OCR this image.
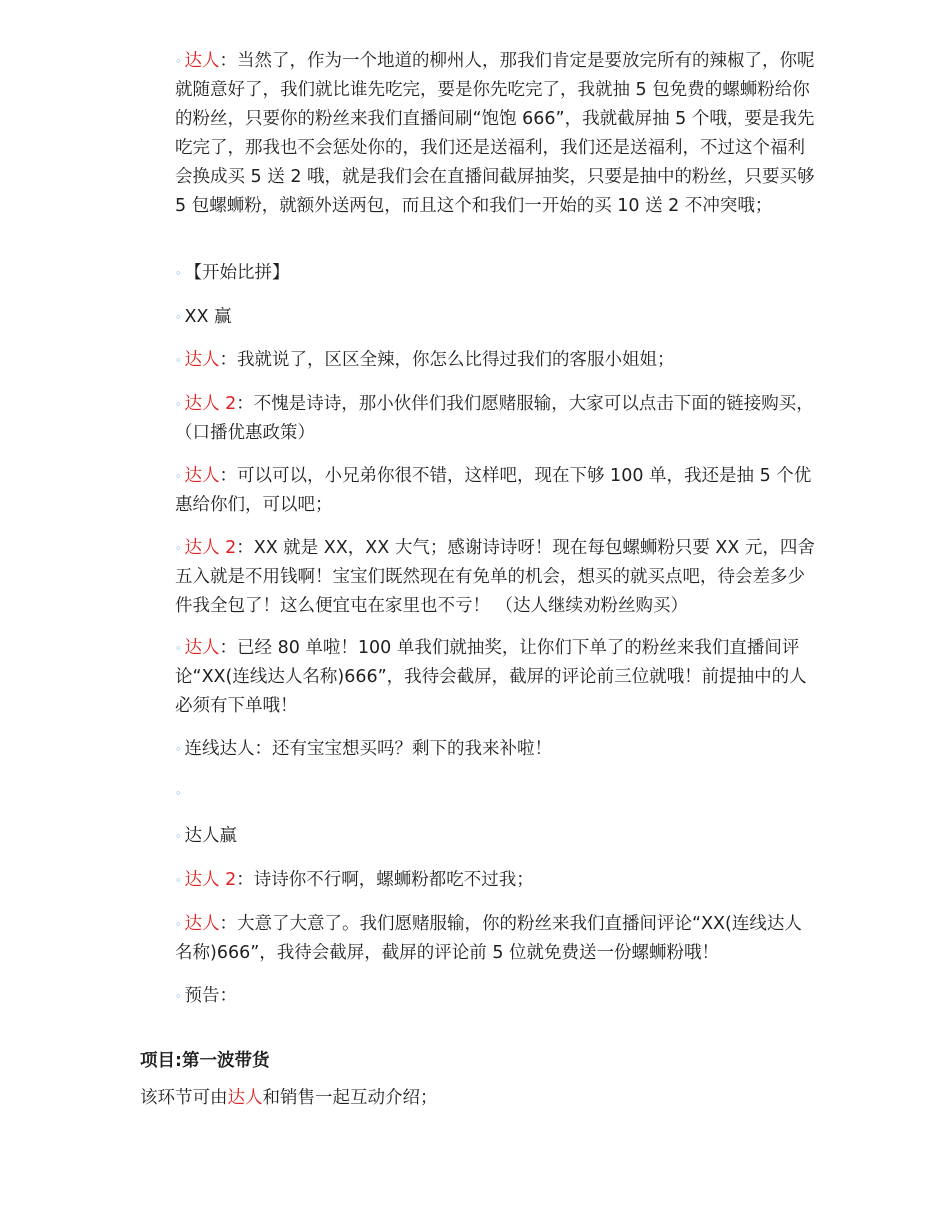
◦ 达人：当然了，作为一个地道的柳州人，那我们肯定是要放完所有的辣椒了，你呢就随意好了，我们就比谁先吃完，要是你先吃完了，我就抽 5 包免费的螺蛳粉给你的粉丝，只要你的粉丝来我们直播间刷“饱饱 666”，我就截屏抽 5 个哦，要是我先吃完了，那我也不会惩处你的，我们还是送福利，我们还是送福利，不过这个福利会换成买 5 送 2 哦，就是我们会在直播间截屏抽奖，只要是抽中的粉丝，只要买够 5 包螺蛳粉，就额外送两包，而且这个和我们一开始的买 10 送 2 不冲突哦；
◦ 【开始比拼】
◦ XX 赢
◦ 达人：我就说了，区区全辣，你怎么比得过我们的客服小姐姐；
◦ 达人 2：不愧是诗诗，那小伙伴们我们愿赌服输，大家可以点击下面的链接购买，（口播优惠政策）
◦ 达人：可以可以，小兄弟你很不错，这样吧，现在下够 100 单，我还是抽 5 个优惠给你们，可以吧；
◦ 达人 2：XX 就是 XX，XX 大气；感谢诗诗呀！现在每包螺蛳粉只要 XX 元，四舍五入就是不用钱啊！宝宝们既然现在有免单的机会，想买的就买点吧，待会差多少件我全包了！这么便宜屯在家里也不亏！ （达人继续劝粉丝购买）
◦ 达人：已经 80 单啦！100 单我们就抽奖，让你们下单了的粉丝来我们直播间评论“XX(连线达人名称)666”，我待会截屏，截屏的评论前三位就哦！前提抽中的人必须有下单哦！
◦ 连线达人：还有宝宝想买吗？剩下的我来补啦！
◦
◦ 达人赢
◦ 达人 2：诗诗你不行啊，螺蛳粉都吃不过我；
◦ 达人：大意了大意了。我们愿赌服输，你的粉丝来我们直播间评论“XX(连线达人名称)666”，我待会截屏，截屏的评论前 5 位就免费送一份螺蛳粉哦！
◦ 预告：
项目:第一波带货
该环节可由达人和销售一起互动介绍；
